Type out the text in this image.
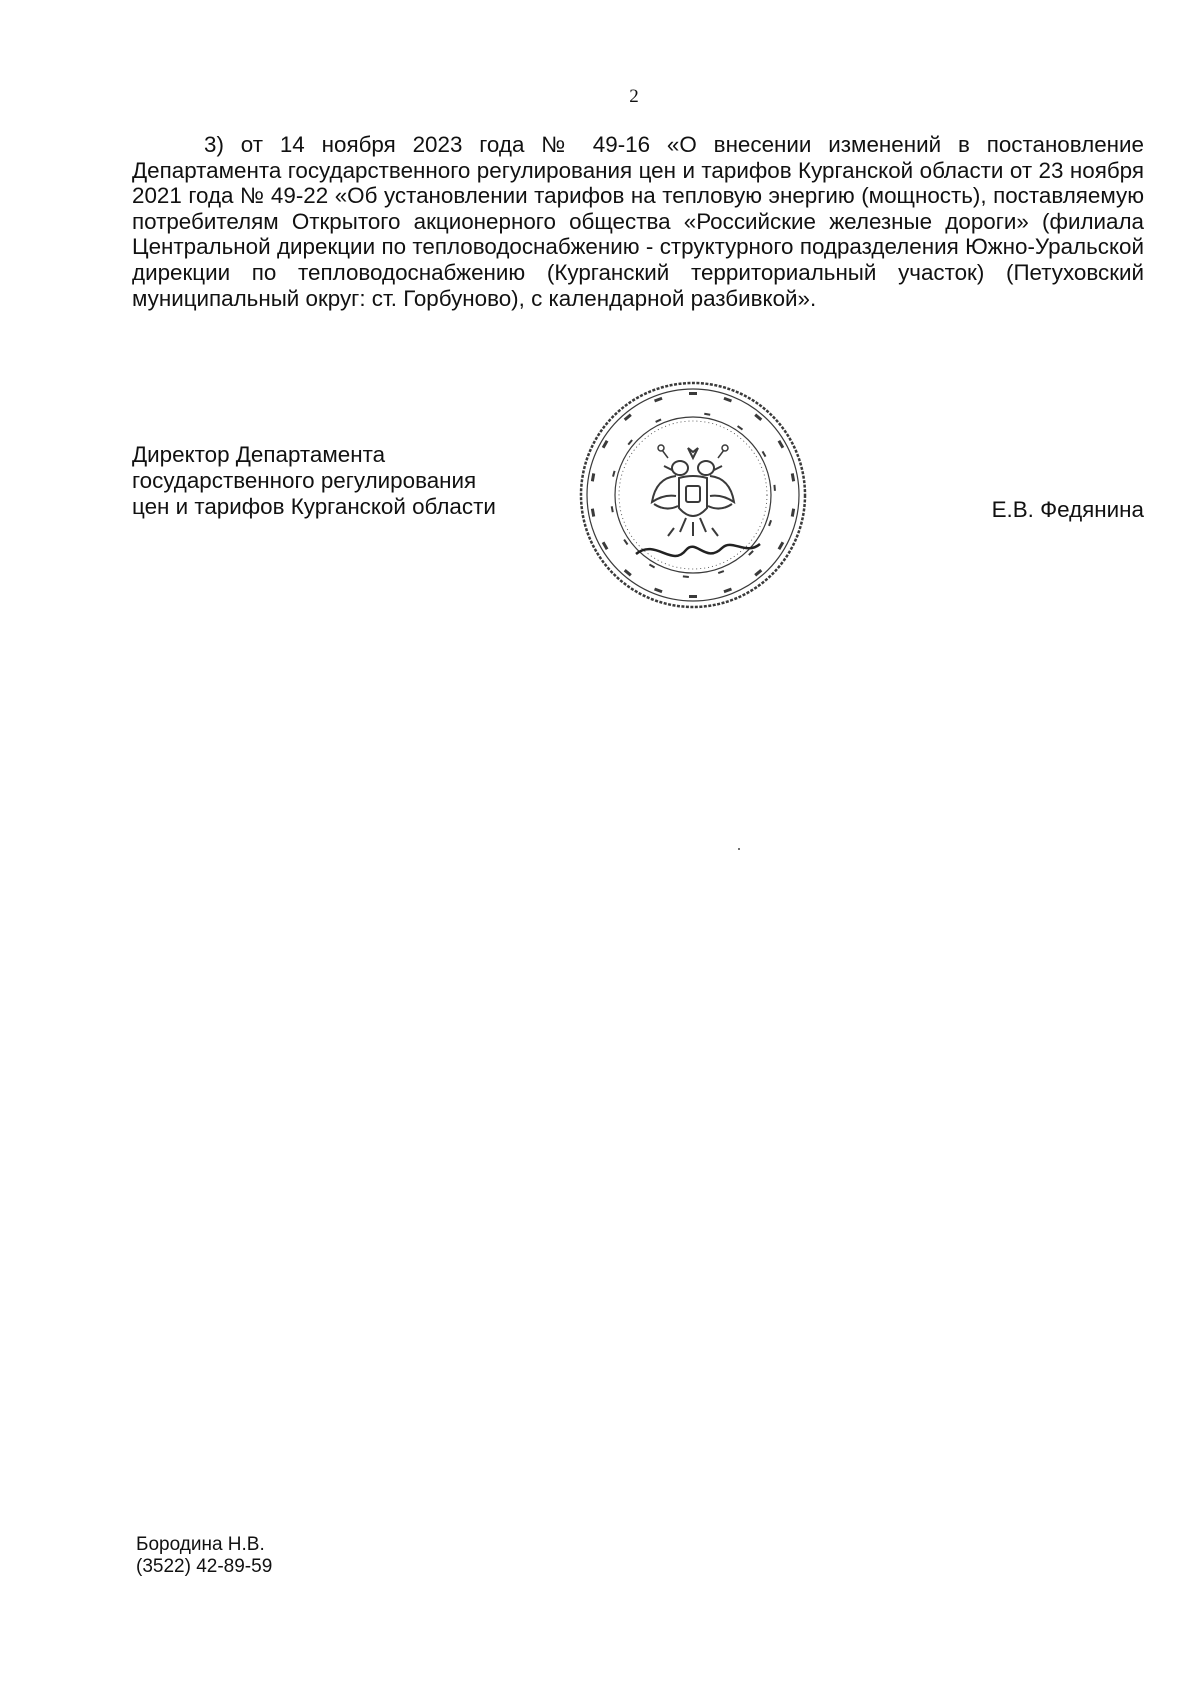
2

3) от 14 ноября 2023 года № 49-16 «О внесении изменений в постановление Департамента государственного регулирования цен и тарифов Курганской области от 23 ноября 2021 года № 49-22 «Об установлении тарифов на тепловую энергию (мощность), поставляемую потребителям Открытого акционерного общества «Российские железные дороги» (филиала Центральной дирекции по тепловодоснабжению - структурного подразделения Южно-Уральской дирекции по тепловодоснабжению (Курганский территориальный участок) (Петуховский муниципальный округ: ст. Горбуново), с календарной разбивкой».

Директор Департамента
государственного регулирования
цен и тарифов Курганской области	Е.В. Федянина
Бородина Н.В.
(3522) 42-89-59
